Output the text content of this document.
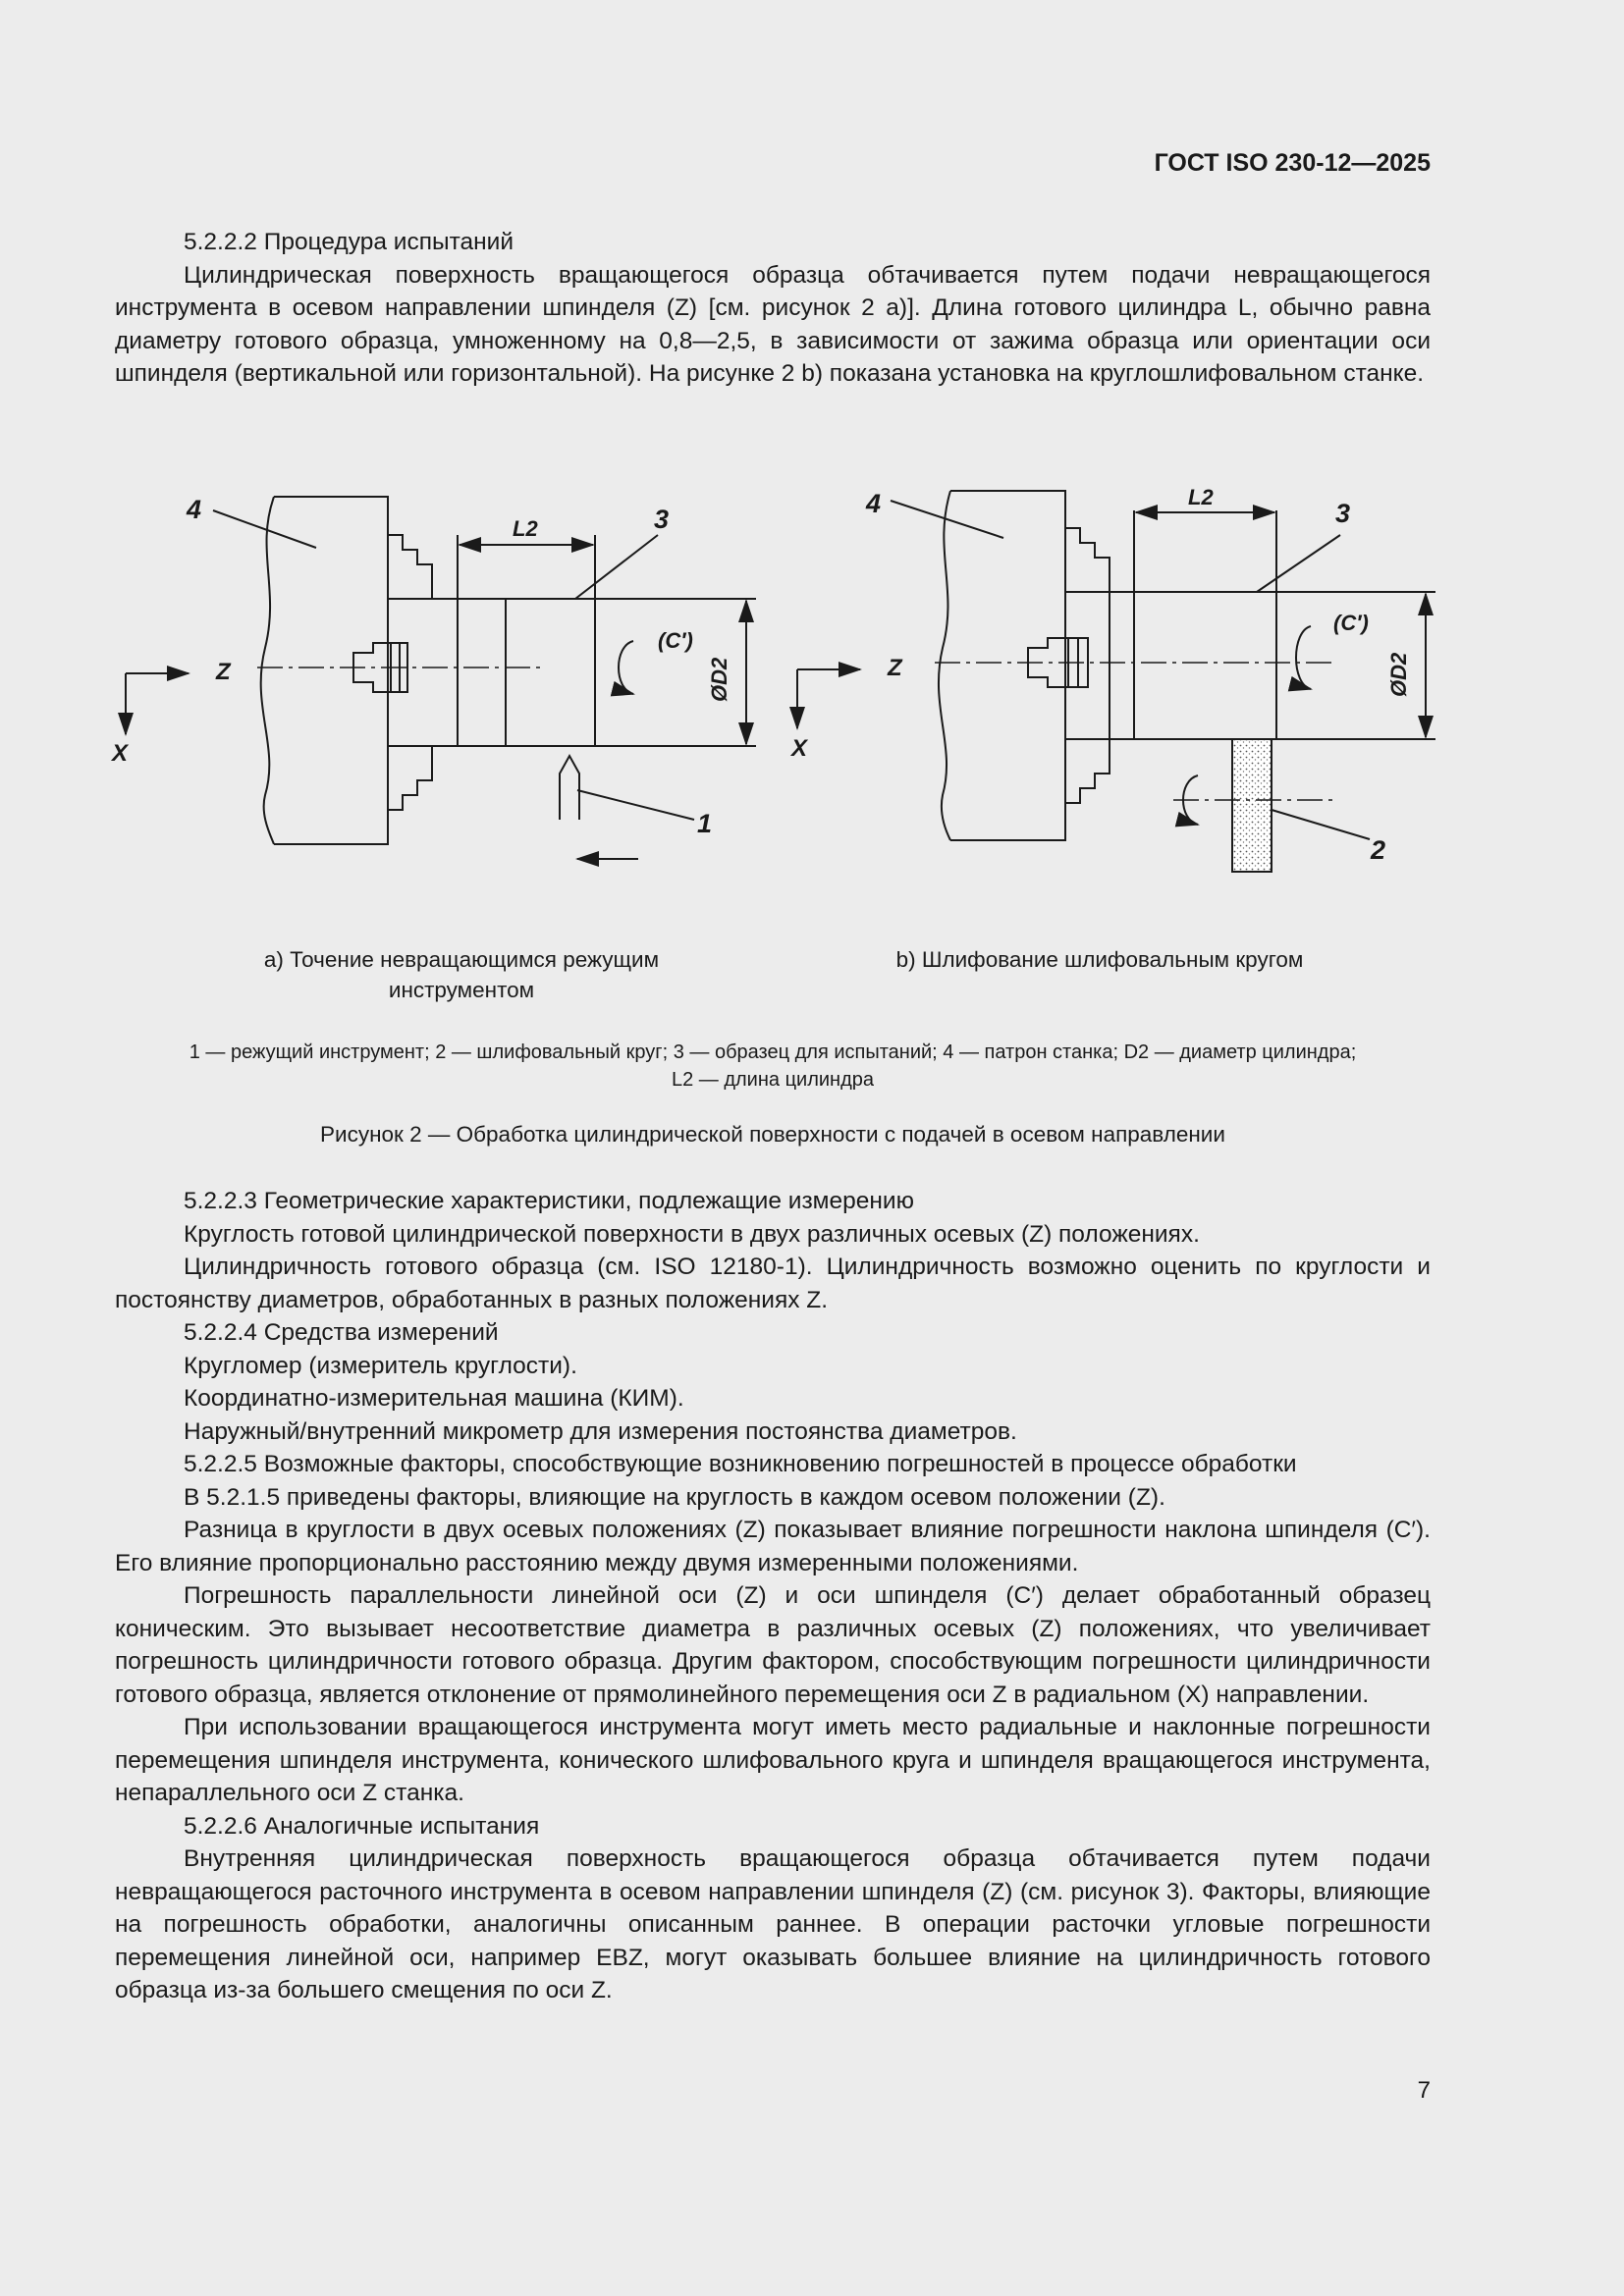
ГОСТ ISO 230-12—2025

5.2.2.2 Процедура испытаний

Цилиндрическая поверхность вращающегося образца обтачивается путем подачи невращающегося инструмента в осевом направлении шпинделя (Z) [см. рисунок 2 a)]. Длина готового цилиндра L, обычно равна диаметру готового образца, умноженному на 0,8—2,5, в зависимости от зажима образца или ориентации оси шпинделя (вертикальной или горизонтальной). На рисунке 2 b) показана установка на круглошлифовальном станке.

4	3
1
L2
(C′)
Z
X
ØD2
4	3
2
L2
(C′)
Z
X
ØD2
a) Точение невращающимся режущим
инструментом
b) Шлифование шлифовальным кругом
1 — режущий инструмент; 2 — шлифовальный круг; 3 — образец для испытаний; 4 — патрон станка; D2 — диаметр цилиндра;
L2 — длина цилиндра
Рисунок 2 — Обработка цилиндрической поверхности с подачей в осевом направлении

5.2.2.3 Геометрические характеристики, подлежащие измерению

Круглость готовой цилиндрической поверхности в двух различных осевых (Z) положениях.

Цилиндричность готового образца (см. ISO 12180-1). Цилиндричность возможно оценить по круглости и постоянству диаметров, обработанных в разных положениях Z.

5.2.2.4 Средства измерений

Кругломер (измеритель круглости).

Координатно-измерительная машина (КИМ).

Наружный/внутренний микрометр для измерения постоянства диаметров.

5.2.2.5 Возможные факторы, способствующие возникновению погрешностей в процессе обработки

В 5.2.1.5 приведены факторы, влияющие на круглость в каждом осевом положении (Z).

Разница в круглости в двух осевых положениях (Z) показывает влияние погрешности наклона шпинделя (C′). Его влияние пропорционально расстоянию между двумя измеренными положениями.

Погрешность параллельности линейной оси (Z) и оси шпинделя (C′) делает обработанный образец коническим. Это вызывает несоответствие диаметра в различных осевых (Z) положениях, что увеличивает погрешность цилиндричности готового образца. Другим фактором, способствующим погрешности цилиндричности готового образца, является отклонение от прямолинейного перемещения оси Z в радиальном (X) направлении.

При использовании вращающегося инструмента могут иметь место радиальные и наклонные погрешности перемещения шпинделя инструмента, конического шлифовального круга и шпинделя вращающегося инструмента, непараллельного оси Z станка.

5.2.2.6 Аналогичные испытания

Внутренняя цилиндрическая поверхность вращающегося образца обтачивается путем подачи невращающегося расточного инструмента в осевом направлении шпинделя (Z) (см. рисунок 3). Факторы, влияющие на погрешность обработки, аналогичны описанным раннее. В операции расточки угловые погрешности перемещения линейной оси, например EBZ, могут оказывать большее влияние на цилиндричность готового образца из-за большего смещения по оси Z.

7
